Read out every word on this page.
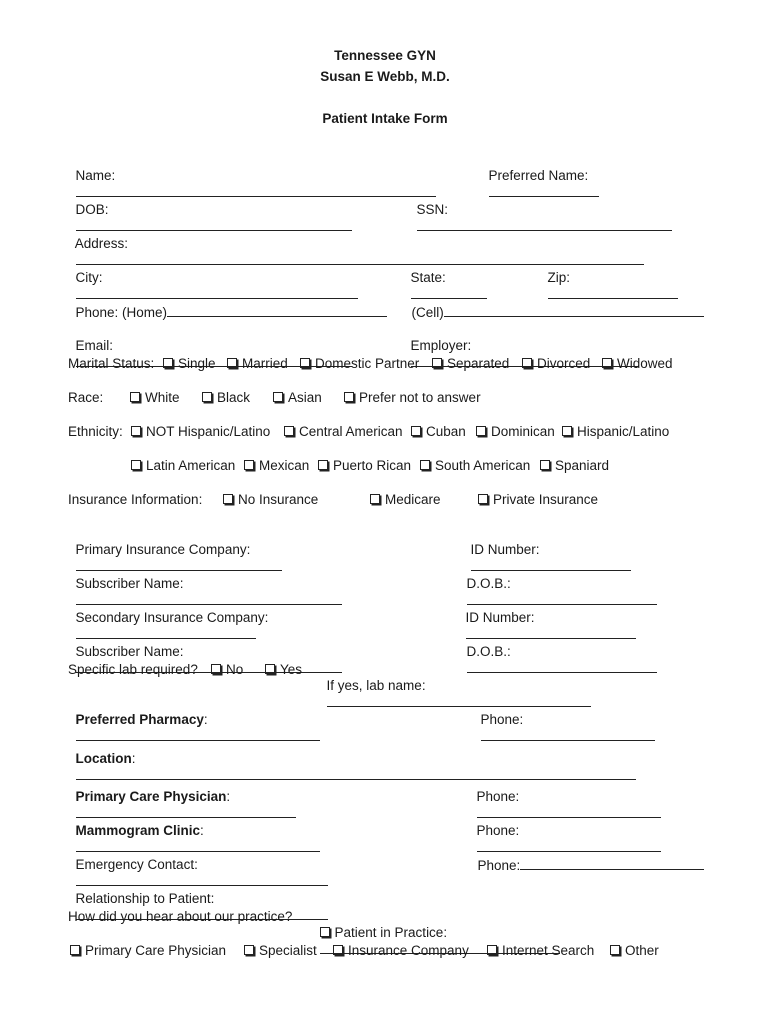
Tennessee GYN
Susan E Webb, M.D.
Patient Intake Form

Name:
	Preferred Name:

DOB:
	SSN:

Address:

City:
	State:
	Zip:

Phone: (Home)	(Cell)

Email:
	Employer:

Marital Status:	Single	Married	Domestic Partner	Separated	Divorced	Widowed
Race:	White	Black	Asian	Prefer not to answer
Ethnicity:	NOT Hispanic/Latino	Central American	Cuban	Dominican	Hispanic/Latino
Latin American	Mexican	Puerto Rican	South American	Spaniard
Insurance Information:	No Insurance	Medicare	Private Insurance

Primary Insurance Company:
	ID Number:

Subscriber Name:
	D.O.B.:

Secondary Insurance Company:
	ID Number:

Subscriber Name:
	D.O.B.:

Specific lab required?	No	Yes

If yes, lab name:

Preferred Pharmacy:
	Phone:

Location:

Primary Care Physician:
	Phone:

Mammogram Clinic:
	Phone:

Emergency Contact:
	Phone:

Relationship to Patient:

How did you hear about our practice?

Patient in Practice:

Primary Care Physician	Specialist	Insurance Company	Internet Search	Other
